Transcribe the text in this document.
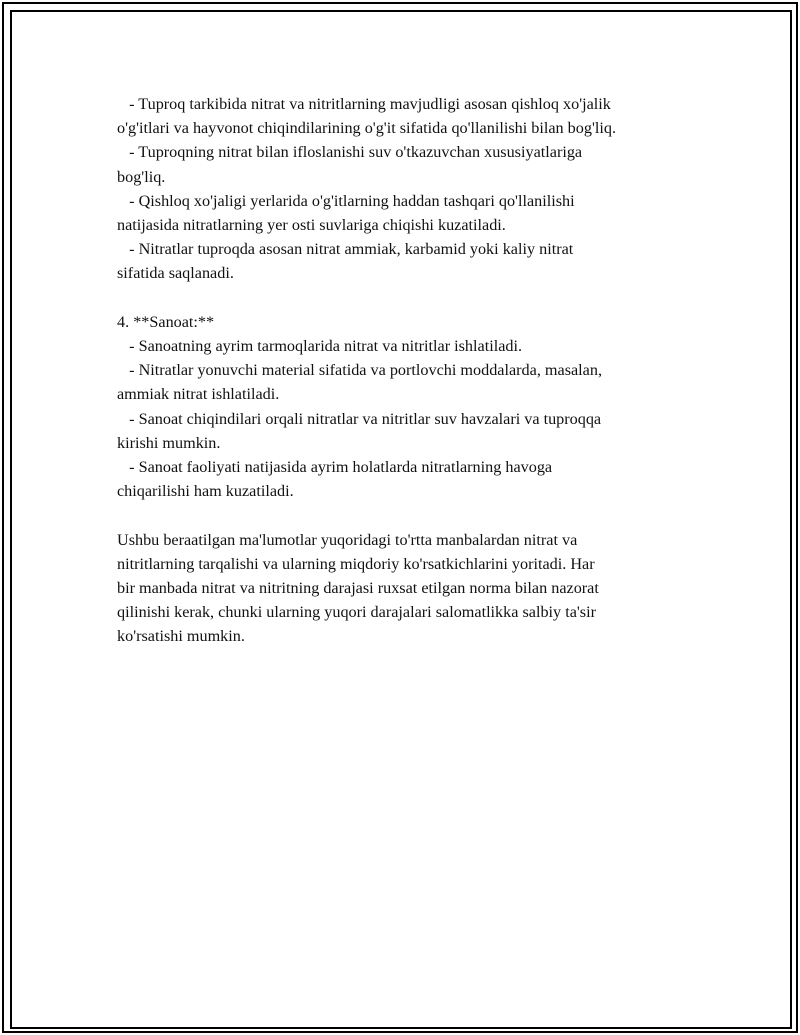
- Tuproq tarkibida nitrat va nitritlarning mavjudligi asosan qishloq xo'jalik

o'g'itlari va hayvonot chiqindilarining o'g'it sifatida qo'llanilishi bilan bog'liq.

- Tuproqning nitrat bilan ifloslanishi suv o'tkazuvchan xususiyatlariga

bog'liq.

- Qishloq xo'jaligi yerlarida o'g'itlarning haddan tashqari qo'llanilishi

natijasida nitratlarning yer osti suvlariga chiqishi kuzatiladi.

- Nitratlar tuproqda asosan nitrat ammiak, karbamid yoki kaliy nitrat

sifatida saqlanadi.

4. **Sanoat:**

- Sanoatning ayrim tarmoqlarida nitrat va nitritlar ishlatiladi.

- Nitratlar yonuvchi material sifatida va portlovchi moddalarda, masalan,

ammiak nitrat ishlatiladi.

- Sanoat chiqindilari orqali nitratlar va nitritlar suv havzalari va tuproqqa

kirishi mumkin.

- Sanoat faoliyati natijasida ayrim holatlarda nitratlarning havoga

chiqarilishi ham kuzatiladi.

Ushbu beraatilgan ma'lumotlar yuqoridagi to'rtta manbalardan nitrat va

nitritlarning tarqalishi va ularning miqdoriy ko'rsatkichlarini yoritadi. Har

bir manbada nitrat va nitritning darajasi ruxsat etilgan norma bilan nazorat

qilinishi kerak, chunki ularning yuqori darajalari salomatlikka salbiy ta'sir

ko'rsatishi mumkin.
